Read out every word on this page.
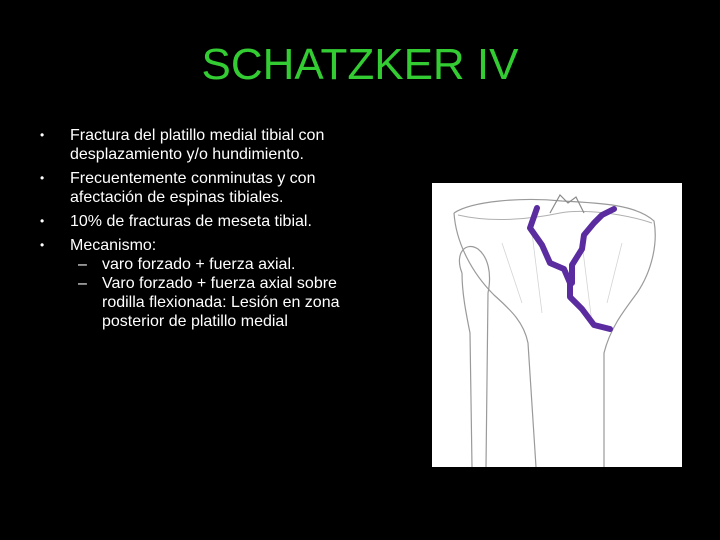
SCHATZKER IV
• Fractura del platillo medial tibial con desplazamiento y/o hundimiento.
• Frecuentemente conminutas y con afectación de espinas tibiales.
• 10% de fracturas de meseta tibial.
• Mecanismo:
– varo forzado + fuerza axial.
– Varo forzado + fuerza axial sobre rodilla flexionada: Lesión en zona posterior de platillo medial
